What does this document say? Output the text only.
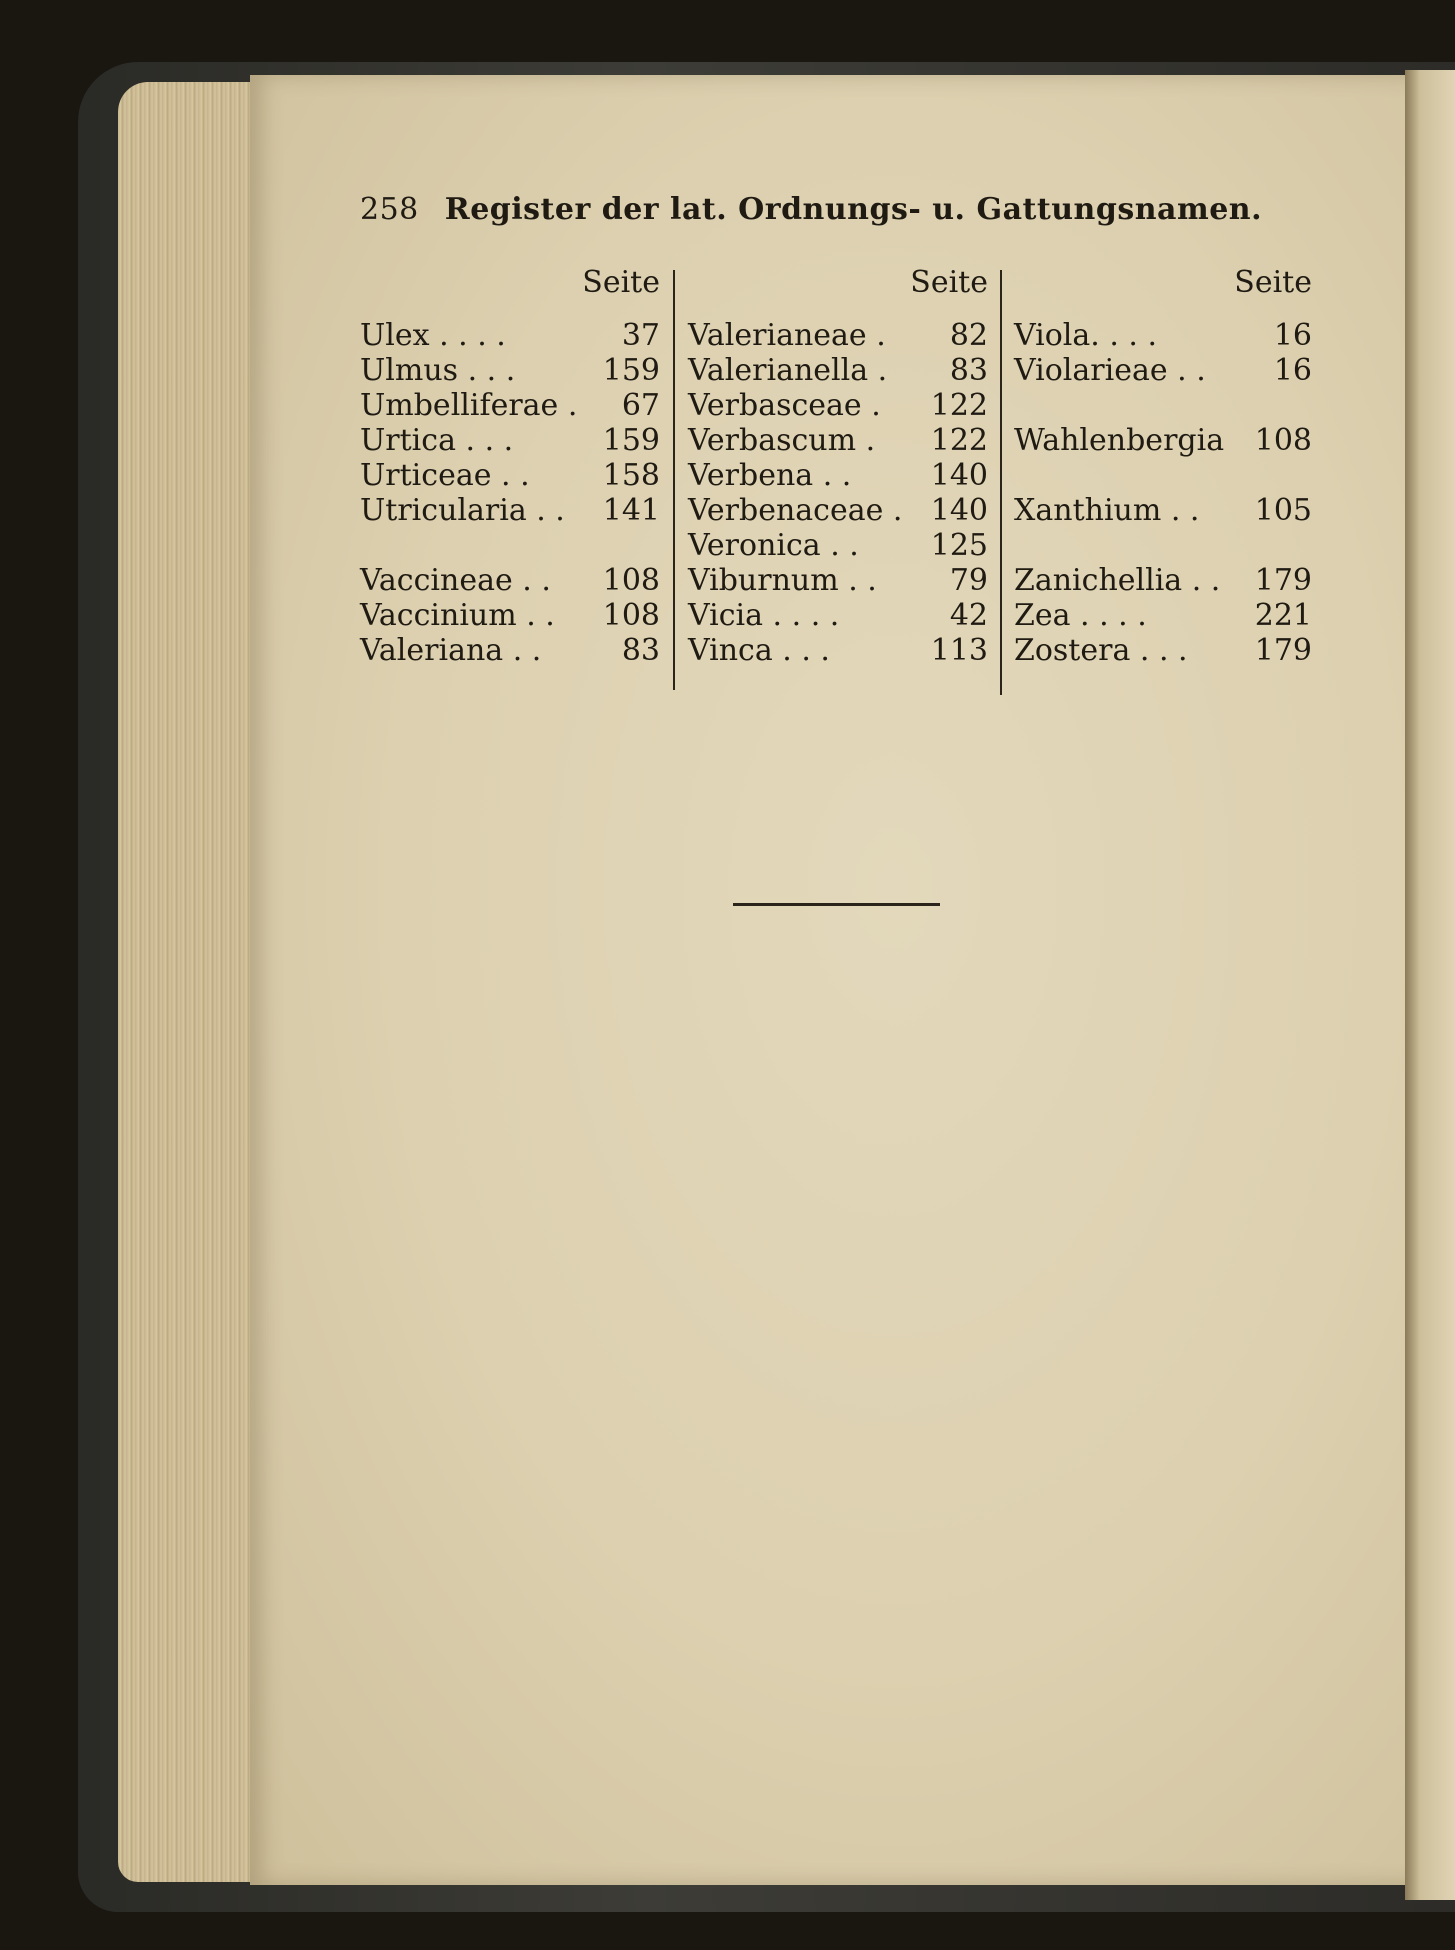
258 Register der lat. Ordnungs- u. Gattungsnamen.
Seite
Ulex . . . .	37
Ulmus . . .	159
Umbelliferae . 67
Urtica . . .	159
Urticeae . . 158
Utricularia . . 141
Vaccineae . . 108
Vaccinium . . 108
Valeriana . .	83
Seite
Valerianeae . 82
Valerianella . 83
Verbasceae . 122
Verbascum . 122
Verbena . .	140
Verbenaceae . 140
Veronica . . 125
Viburnum . . 79
Vicia . . . .	42
Vinca . . .	113
Seite
Viola. . . .	16
Violarieae . . 16
Wahlenbergia 108
Xanthium . . 105
Zanichellia . . 179
Zea . . . .	221
Zostera . . . 179
